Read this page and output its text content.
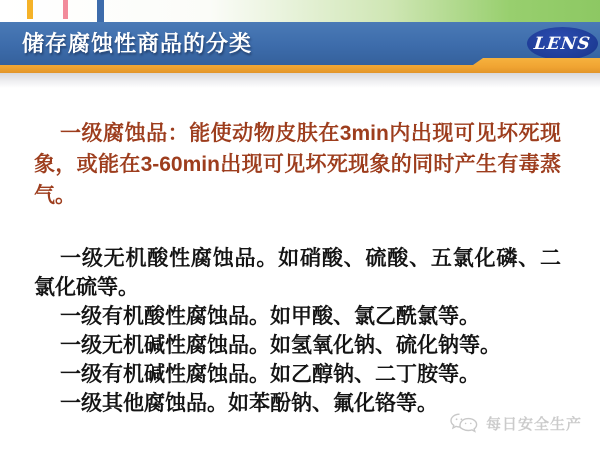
储存腐蚀性商品的分类	LENS

一级腐蚀品：能使动物皮肤在3min内出现可见坏死现象，或能在3-60min出现可见坏死现象的同时产生有毒蒸气。

一级无机酸性腐蚀品。如硝酸、硫酸、五氯化磷、二氯化硫等。

一级有机酸性腐蚀品。如甲酸、氯乙酰氯等。

一级无机碱性腐蚀品。如氢氧化钠、硫化钠等。

一级有机碱性腐蚀品。如乙醇钠、二丁胺等。

一级其他腐蚀品。如苯酚钠、氟化铬等。

每日安全生产
